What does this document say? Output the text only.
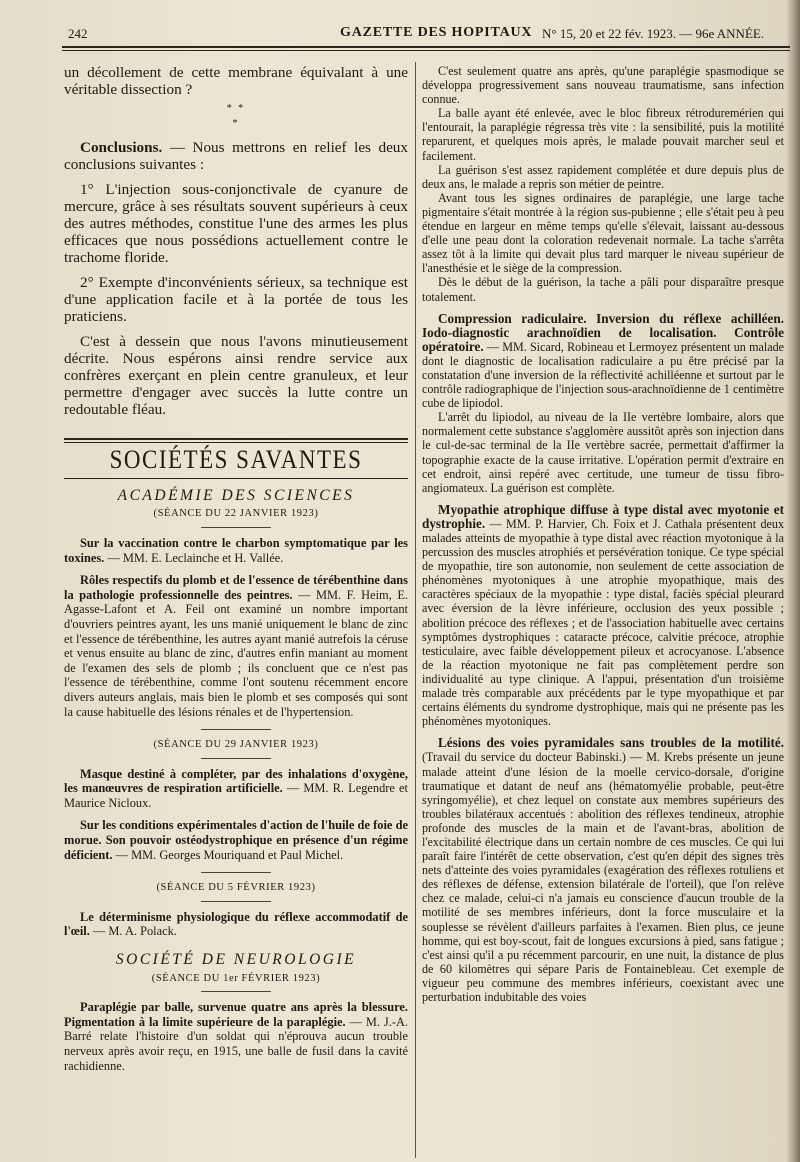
242	GAZETTE DES HOPITAUX N° 15, 20 et 22 fév. 1923. — 96e ANNÉE.

un décollement de cette membrane équivalant à une véritable dissection ?

* *
*

Conclusions. — Nous mettrons en relief les deux conclusions suivantes :

1° L'injection sous-conjonctivale de cyanure de mercure, grâce à ses résultats souvent supérieurs à ceux des autres méthodes, constitue l'une des armes les plus efficaces que nous possédions actuellement contre le trachome floride.

2° Exempte d'inconvénients sérieux, sa technique est d'une application facile et à la portée de tous les praticiens.

C'est à dessein que nous l'avons minutieusement décrite. Nous espérons ainsi rendre service aux confrères exerçant en plein centre granuleux, et leur permettre d'engager avec succès la lutte contre un redoutable fléau.

SOCIÉTÉS SAVANTES
ACADÉMIE DES SCIENCES
(SÉANCE DU 22 JANVIER 1923)

Sur la vaccination contre le charbon symptomatique par les toxines. — MM. E. Leclainche et H. Vallée.

Rôles respectifs du plomb et de l'essence de térébenthine dans la pathologie professionnelle des peintres. — MM. F. Heim, E. Agasse-Lafont et A. Feil ont examiné un nombre important d'ouvriers peintres ayant, les uns manié uniquement le blanc de zinc et l'essence de térébenthine, les autres ayant manié autrefois la céruse et venus ensuite au blanc de zinc, d'autres enfin maniant au moment de l'examen des sels de plomb ; ils concluent que ce n'est pas l'essence de térébenthine, comme l'ont soutenu récemment encore divers auteurs anglais, mais bien le plomb et ses composés qui sont la cause habituelle des lésions rénales et de l'hypertension.

(SÉANCE DU 29 JANVIER 1923)

Masque destiné à compléter, par des inhalations d'oxygène, les manœuvres de respiration artificielle. — MM. R. Legendre et Maurice Nicloux.

Sur les conditions expérimentales d'action de l'huile de foie de morue. Son pouvoir ostéodystrophique en présence d'un régime déficient. — MM. Georges Mouriquand et Paul Michel.

(SÉANCE DU 5 FÉVRIER 1923)

Le déterminisme physiologique du réflexe accommodatif de l'œil. — M. A. Polack.

SOCIÉTÉ DE NEUROLOGIE
(SÉANCE DU 1er FÉVRIER 1923)

Paraplégie par balle, survenue quatre ans après la blessure. Pigmentation à la limite supérieure de la paraplégie. — M. J.-A. Barré relate l'histoire d'un soldat qui n'éprouva aucun trouble nerveux après avoir reçu, en 1915, une balle de fusil dans la cavité rachidienne.

C'est seulement quatre ans après, qu'une paraplégie spasmodique se développa progressivement sans nouveau traumatisme, sans infection connue.

La balle ayant été enlevée, avec le bloc fibreux rétroduremérien qui l'entourait, la paraplégie régressa très vite : la sensibilité, puis la motilité reparurent, et quelques mois après, le malade pouvait marcher seul et facilement.

La guérison s'est assez rapidement complétée et dure depuis plus de deux ans, le malade a repris son métier de peintre.

Avant tous les signes ordinaires de paraplégie, une large tache pigmentaire s'était montrée à la région sus-pubienne ; elle s'était peu à peu étendue en largeur en même temps qu'elle s'élevait, laissant au-dessous d'elle une peau dont la coloration redevenait normale. La tache s'arrêta assez tôt à la limite qui devait plus tard marquer le niveau supérieur de l'anesthésie et le siège de la compression.

Dès le début de la guérison, la tache a pâli pour disparaître presque totalement.

Compression radiculaire. Inversion du réflexe achilléen. Iodo-diagnostic arachnoïdien de localisation. Contrôle opératoire. — MM. Sicard, Robineau et Lermoyez présentent un malade dont le diagnostic de localisation radiculaire a pu être précisé par la constatation d'une inversion de la réflectivité achilléenne et surtout par le contrôle radiographique de l'injection sous-arachnoïdienne de 1 centimètre cube de lipiodol.

L'arrêt du lipiodol, au niveau de la IIe vertèbre lombaire, alors que normalement cette substance s'agglomère aussitôt après son injection dans le cul-de-sac terminal de la IIe vertèbre sacrée, permettait d'affirmer la topographie exacte de la cause irritative. L'opération permit d'extraire en cet endroit, ainsi repéré avec certitude, une tumeur de tissu fibro-angiomateux. La guérison est complète.

Myopathie atrophique diffuse à type distal avec myotonie et dystrophie. — MM. P. Harvier, Ch. Foix et J. Cathala présentent deux malades atteints de myopathie à type distal avec réaction myotonique à la percussion des muscles atrophiés et persévération tonique. Ce type spécial de myopathie, tire son autonomie, non seulement de cette association de phénomènes myotoniques à une atrophie myopathique, mais des caractères spéciaux de la myopathie : type distal, faciès spécial pleurard avec éversion de la lèvre inférieure, occlusion des yeux possible ; abolition précoce des réflexes ; et de l'association habituelle avec certains symptômes dystrophiques : cataracte précoce, calvitie précoce, atrophie testiculaire, avec faible développement pileux et acrocyanose. L'absence de la réaction myotonique ne fait pas complètement perdre son individualité au type clinique. A l'appui, présentation d'un troisième malade très comparable aux précédents par le type myopathique et par certains éléments du syndrome dystrophique, mais qui ne présente pas les phénomènes myotoniques.

Lésions des voies pyramidales sans troubles de la motilité. (Travail du service du docteur Babinski.) — M. Krebs présente un jeune malade atteint d'une lésion de la moelle cervico-dorsale, d'origine traumatique et datant de neuf ans (hématomyélie probable, peut-être syringomyélie), et chez lequel on constate aux membres supérieurs des troubles bilatéraux accentués : abolition des réflexes tendineux, atrophie profonde des muscles de la main et de l'avant-bras, abolition de l'excitabilité électrique dans un certain nombre de ces muscles. Ce qui lui paraît faire l'intérêt de cette observation, c'est qu'en dépit des signes très nets d'atteinte des voies pyramidales (exagération des réflexes rotuliens et des réflexes de défense, extension bilatérale de l'orteil), que l'on relève chez ce malade, celui-ci n'a jamais eu conscience d'aucun trouble de la motilité de ses membres inférieurs, dont la force musculaire et la souplesse se révèlent d'ailleurs parfaites à l'examen. Bien plus, ce jeune homme, qui est boy-scout, fait de longues excursions à pied, sans fatigue ; c'est ainsi qu'il a pu récemment parcourir, en une nuit, la distance de plus de 60 kilomètres qui sépare Paris de Fontainebleau. Cet exemple de vigueur peu commune des membres inférieurs, coexistant avec une perturbation indubitable des voies
